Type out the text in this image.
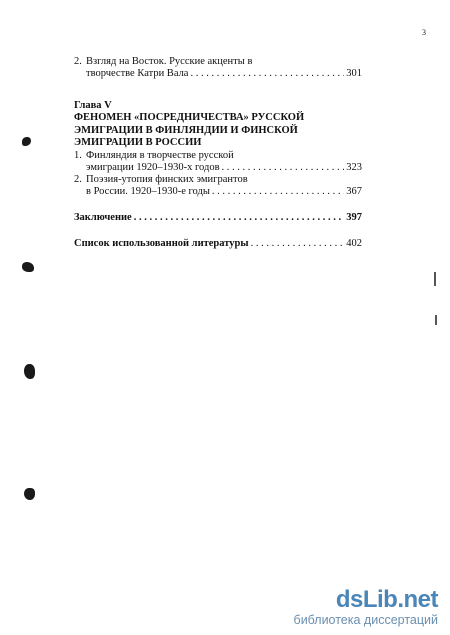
3
2. Взгляд на Восток. Русские акценты в
творчестве Катри Вала . . .	301
Глава V
ФЕНОМЕН «ПОСРЕДНИЧЕСТВА» РУССКОЙ
ЭМИГРАЦИИ В ФИНЛЯНДИИ И ФИНСКОЙ
ЭМИГРАЦИИ В РОССИИ
1. Финляндия в творчестве русской
эмиграции 1920–1930-х годов . . .	323
2. Поэзия-утопия финских эмигрантов
в России. 1920–1930-е годы . . .	367
Заключение . . .	397
Список использованной литературы . . .	402
dsLib.net
библиотека диссертаций
